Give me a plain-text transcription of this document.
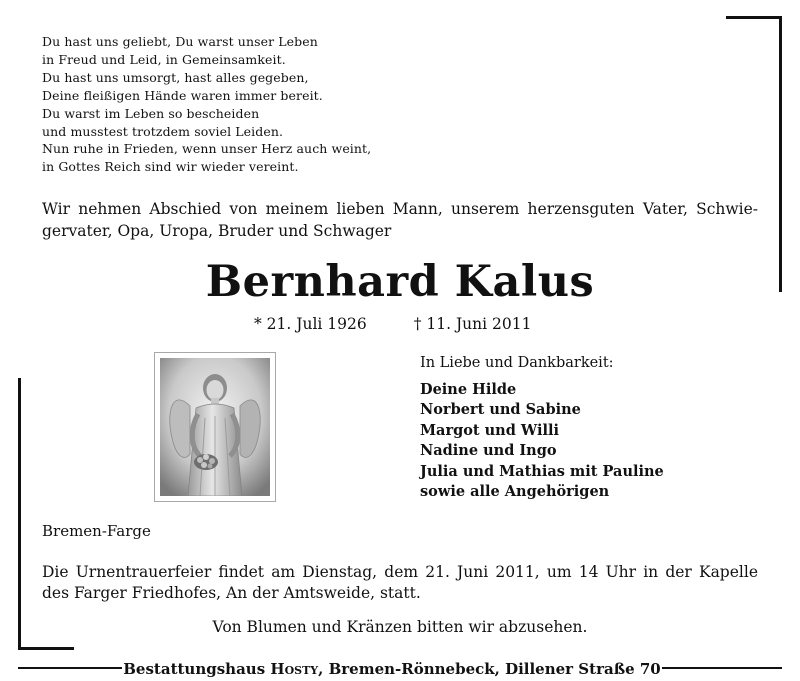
Du hast uns geliebt, Du warst unser Leben
in Freud und Leid, in Gemeinsamkeit.
Du hast uns umsorgt, hast alles gegeben,
Deine fleißigen Hände waren immer bereit.
Du warst im Leben so bescheiden
und musstest trotzdem soviel Leiden.
Nun ruhe in Frieden, wenn unser Herz auch weint,
in Gottes Reich sind wir wieder vereint.
Wir nehmen Abschied von meinem lieben Mann, unserem herzensguten Vater, Schwie-
gervater, Opa, Uropa, Bruder und Schwager
Bernhard Kalus
* 21. Juli 1926	† 11. Juni 2011
In Liebe und Dankbarkeit:
Deine Hilde
Norbert und Sabine
Margot und Willi
Nadine und Ingo
Julia und Mathias mit Pauline
sowie alle Angehörigen
Bremen-Farge
Die Urnentrauerfeier findet am Dienstag, dem 21. Juni 2011, um 14 Uhr in der Kapelle
des Farger Friedhofes, An der Amtsweide, statt.
Von Blumen und Kränzen bitten wir abzusehen.
Bestattungshaus Hosty, Bremen-Rönnebeck, Dillener Straße 70
